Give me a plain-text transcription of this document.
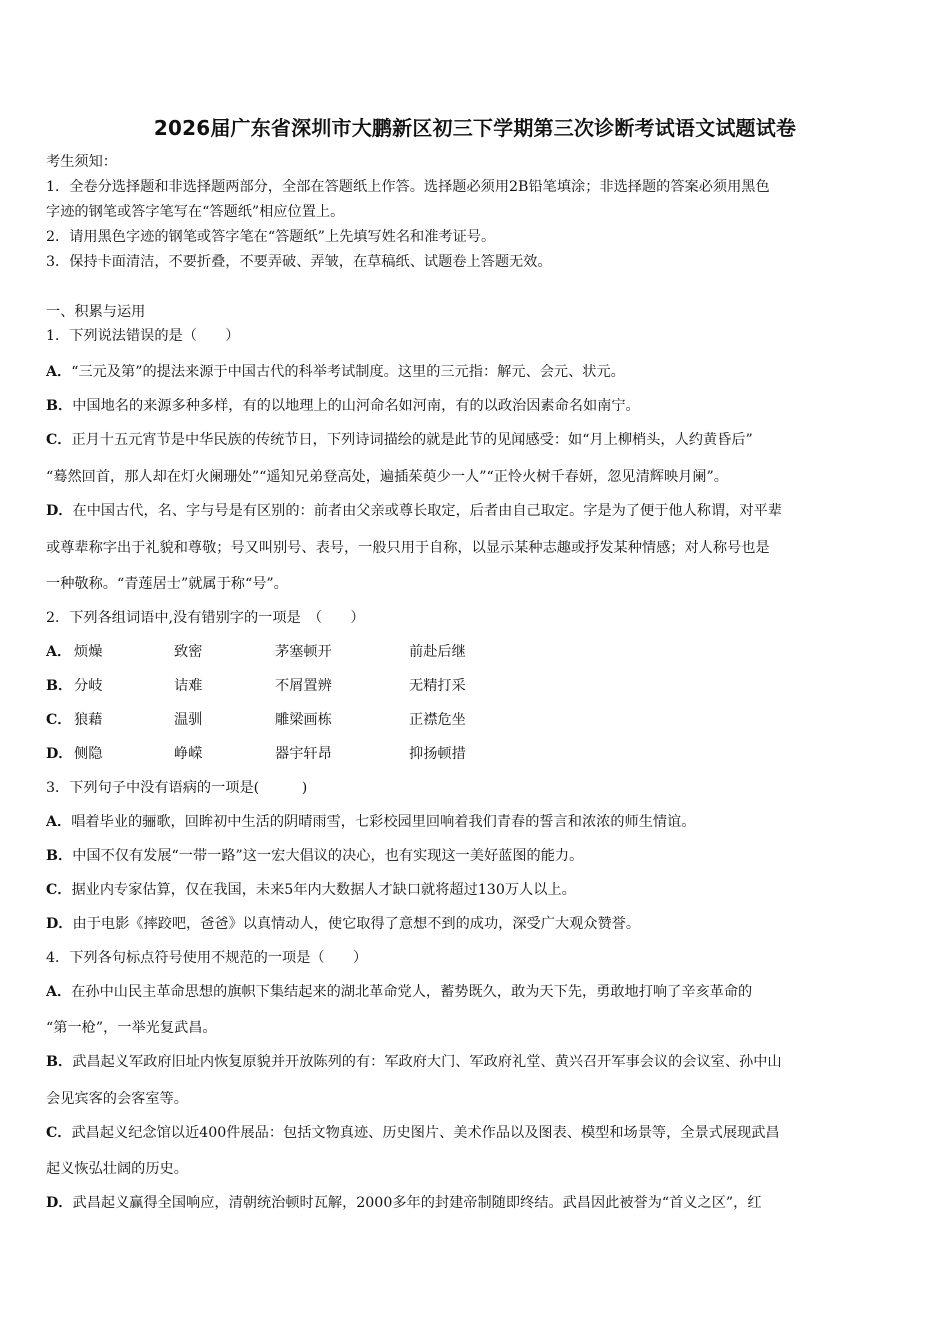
2026届广东省深圳市大鹏新区初三下学期第三次诊断考试语文试题试卷
考生须知：
1．全卷分选择题和非选择题两部分，全部在答题纸上作答。选择题必须用2B铅笔填涂；非选择题的答案必须用黑色
字迹的钢笔或答字笔写在“答题纸”相应位置上。
2．请用黑色字迹的钢笔或答字笔在“答题纸”上先填写姓名和准考证号。
3．保持卡面清洁，不要折叠，不要弄破、弄皱，在草稿纸、试题卷上答题无效。
一、积累与运用
1．下列说法错误的是（　　）
A．“三元及第”的提法来源于中国古代的科举考试制度。这里的三元指：解元、会元、状元。
B．中国地名的来源多种多样，有的以地理上的山河命名如河南，有的以政治因素命名如南宁。
C．正月十五元宵节是中华民族的传统节日，下列诗词描绘的就是此节的见闻感受：如“月上柳梢头，人约黄昏后”
“蓦然回首，那人却在灯火阑珊处”“遥知兄弟登高处，遍插茱萸少一人”“正怜火树千春妍，忽见清辉映月阑”。
D．在中国古代，名、字与号是有区别的：前者由父亲或尊长取定，后者由自己取定。字是为了便于他人称谓，对平辈
或尊辈称字出于礼貌和尊敬；号又叫别号、表号，一般只用于自称，以显示某种志趣或抒发某种情感；对人称号也是
一种敬称。“青莲居士”就属于称“号”。
2．下列各组词语中,没有错别字的一项是　（　　）
A． 烦燥	致密	茅塞顿开	前赴后继
B． 分岐	诘难	不屑置辨	无精打采
C． 狼藉	温驯	雕梁画栋	正襟危坐
D． 侧隐	峥嵘	器宇轩昂	抑扬顿措
3．下列句子中没有语病的一项是(　　　)
A．唱着毕业的骊歌，回眸初中生活的阴晴雨雪，七彩校园里回响着我们青春的誓言和浓浓的师生情谊。
B．中国不仅有发展“一带一路”这一宏大倡议的决心，也有实现这一美好蓝图的能力。
C．据业内专家估算，仅在我国，未来5年内大数据人才缺口就将超过130万人以上。
D．由于电影《摔跤吧，爸爸》以真情动人，使它取得了意想不到的成功，深受广大观众赞誉。
4．下列各句标点符号使用不规范的一项是（　　）
A．在孙中山民主革命思想的旗帜下集结起来的湖北革命党人，蓄势既久，敢为天下先，勇敢地打响了辛亥革命的
“第一枪”，一举光复武昌。
B．武昌起义军政府旧址内恢复原貌并开放陈列的有：军政府大门、军政府礼堂、黄兴召开军事会议的会议室、孙中山
会见宾客的会客室等。
C．武昌起义纪念馆以近400件展品：包括文物真迹、历史图片、美术作品以及图表、模型和场景等，全景式展现武昌
起义恢弘壮阔的历史。
D．武昌起义赢得全国响应，清朝统治顿时瓦解，2000多年的封建帝制随即终结。武昌因此被誉为“首义之区”，红
